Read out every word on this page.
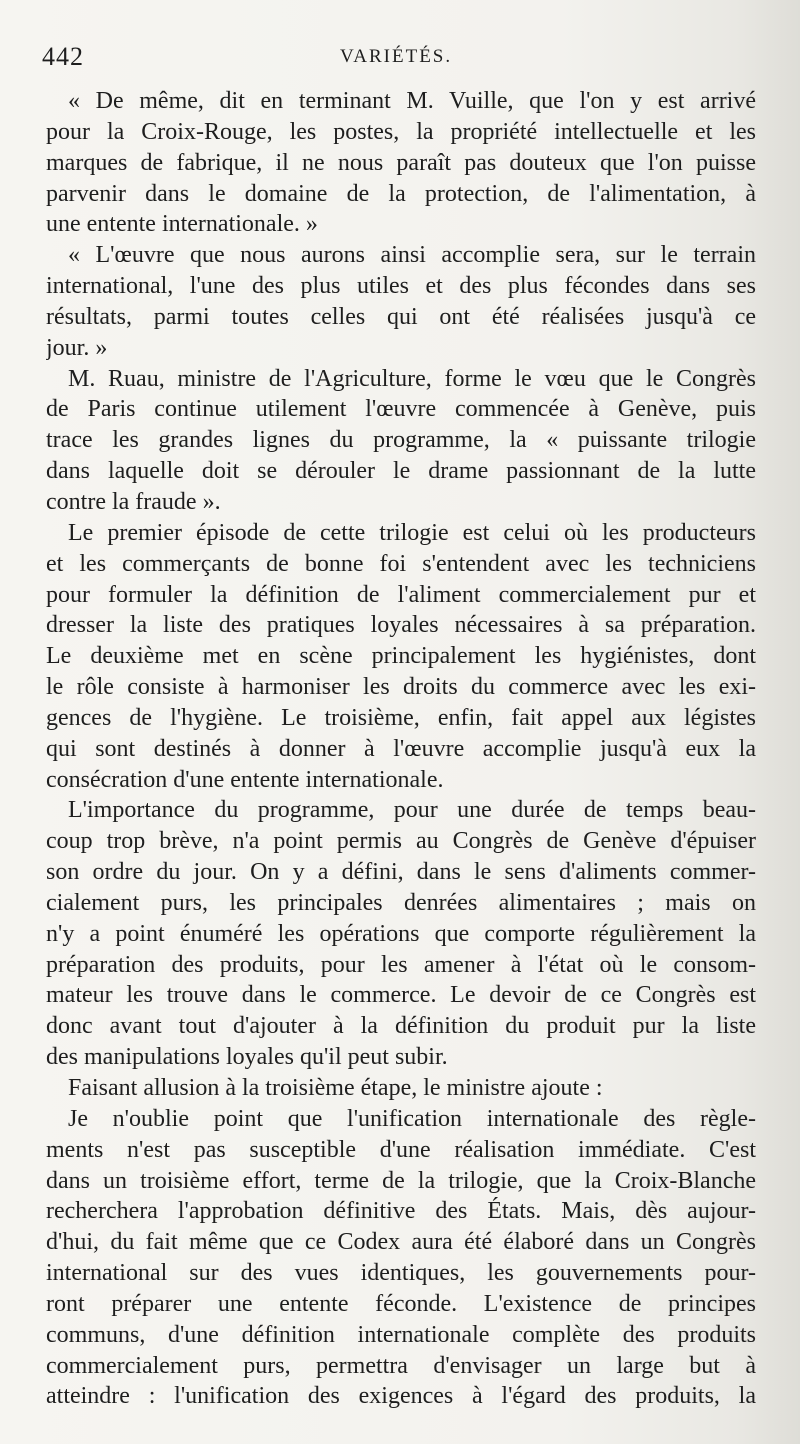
442	VARIÉTÉS.
« De même, dit en terminant M. Vuille, que l'on y est arrivé
pour la Croix-Rouge, les postes, la propriété intellectuelle et les
marques de fabrique, il ne nous paraît pas douteux que l'on puisse
parvenir dans le domaine de la protection, de l'alimentation, à
une entente internationale. »
« L'œuvre que nous aurons ainsi accomplie sera, sur le terrain
international, l'une des plus utiles et des plus fécondes dans ses
résultats, parmi toutes celles qui ont été réalisées jusqu'à ce
jour. »
M. Ruau, ministre de l'Agriculture, forme le vœu que le Congrès
de Paris continue utilement l'œuvre commencée à Genève, puis
trace les grandes lignes du programme, la « puissante trilogie
dans laquelle doit se dérouler le drame passionnant de la lutte
contre la fraude ».
Le premier épisode de cette trilogie est celui où les producteurs
et les commerçants de bonne foi s'entendent avec les techniciens
pour formuler la définition de l'aliment commercialement pur et
dresser la liste des pratiques loyales nécessaires à sa préparation.
Le deuxième met en scène principalement les hygiénistes, dont
le rôle consiste à harmoniser les droits du commerce avec les exi-
gences de l'hygiène. Le troisième, enfin, fait appel aux légistes
qui sont destinés à donner à l'œuvre accomplie jusqu'à eux la
consécration d'une entente internationale.
L'importance du programme, pour une durée de temps beau-
coup trop brève, n'a point permis au Congrès de Genève d'épuiser
son ordre du jour. On y a défini, dans le sens d'aliments commer-
cialement purs, les principales denrées alimentaires ; mais on
n'y a point énuméré les opérations que comporte régulièrement la
préparation des produits, pour les amener à l'état où le consom-
mateur les trouve dans le commerce. Le devoir de ce Congrès est
donc avant tout d'ajouter à la définition du produit pur la liste
des manipulations loyales qu'il peut subir.
Faisant allusion à la troisième étape, le ministre ajoute :
Je n'oublie point que l'unification internationale des règle-
ments n'est pas susceptible d'une réalisation immédiate. C'est
dans un troisième effort, terme de la trilogie, que la Croix-Blanche
recherchera l'approbation définitive des États. Mais, dès aujour-
d'hui, du fait même que ce Codex aura été élaboré dans un Congrès
international sur des vues identiques, les gouvernements pour-
ront préparer une entente féconde. L'existence de principes
communs, d'une définition internationale complète des produits
commercialement purs, permettra d'envisager un large but à
atteindre : l'unification des exigences à l'égard des produits, la
